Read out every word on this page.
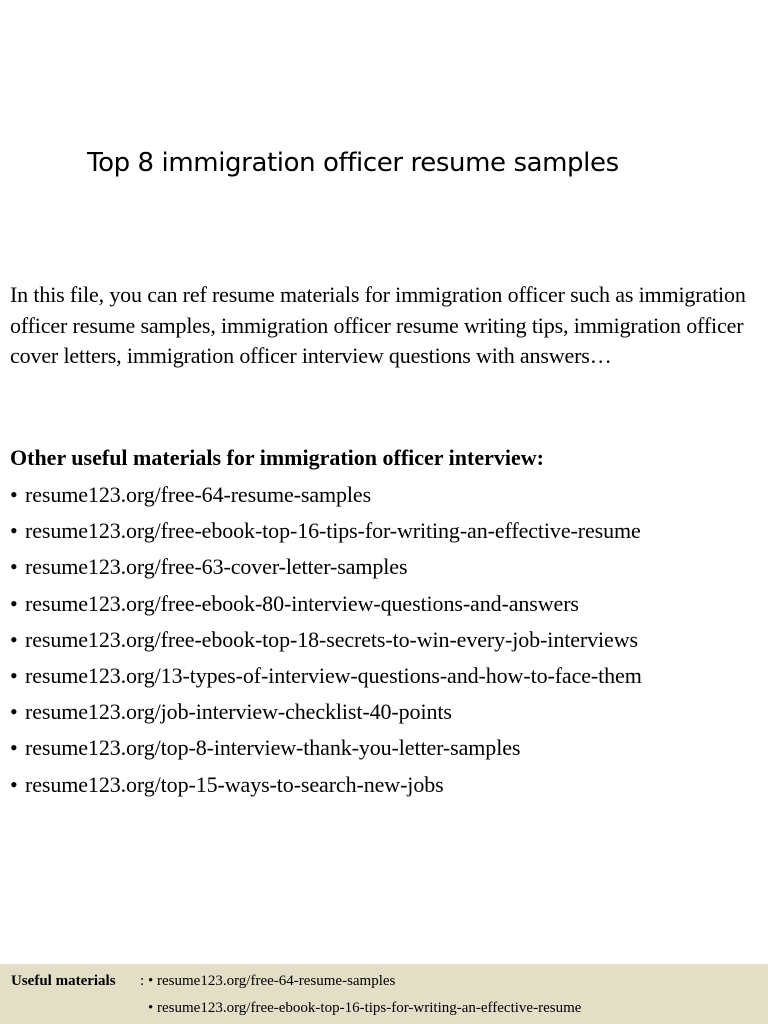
Top 8 immigration officer resume samples

In this file, you can ref resume materials for immigration officer such as immigration officer resume samples, immigration officer resume writing tips, immigration officer cover letters, immigration officer interview questions with answers…

Other useful materials for immigration officer interview:

• resume123.org/free-64-resume-samples
• resume123.org/free-ebook-top-16-tips-for-writing-an-effective-resume
• resume123.org/free-63-cover-letter-samples
• resume123.org/free-ebook-80-interview-questions-and-answers
• resume123.org/free-ebook-top-18-secrets-to-win-every-job-interviews
• resume123.org/13-types-of-interview-questions-and-how-to-face-them
• resume123.org/job-interview-checklist-40-points
• resume123.org/top-8-interview-thank-you-letter-samples
• resume123.org/top-15-ways-to-search-new-jobs
Useful materials : • resume123.org/free-64-resume-samples
• resume123.org/free-ebook-top-16-tips-for-writing-an-effective-resume
